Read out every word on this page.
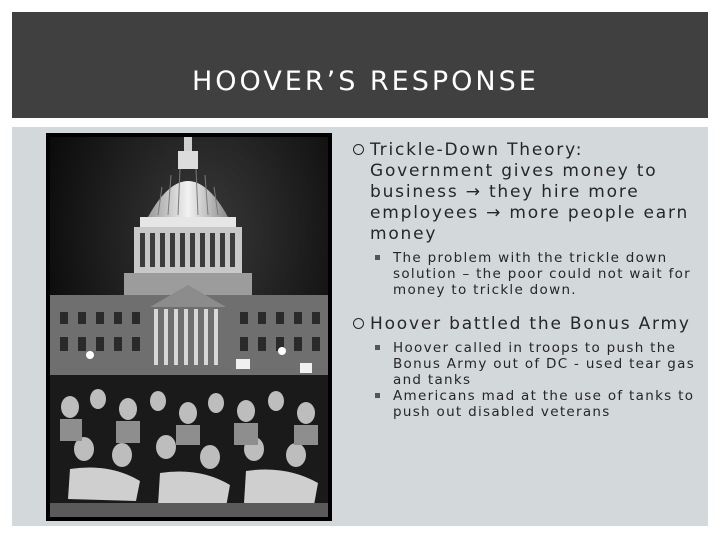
HOOVER’S RESPONSE
Trickle-Down Theory: Government gives money to business → they hire more employees → more people earn money
The problem with the trickle down solution – the poor could not wait for money to trickle down.
Hoover battled the Bonus Army
Hoover called in troops to push the Bonus Army out of DC - used tear gas and tanks
Americans mad at the use of tanks to push out disabled veterans
